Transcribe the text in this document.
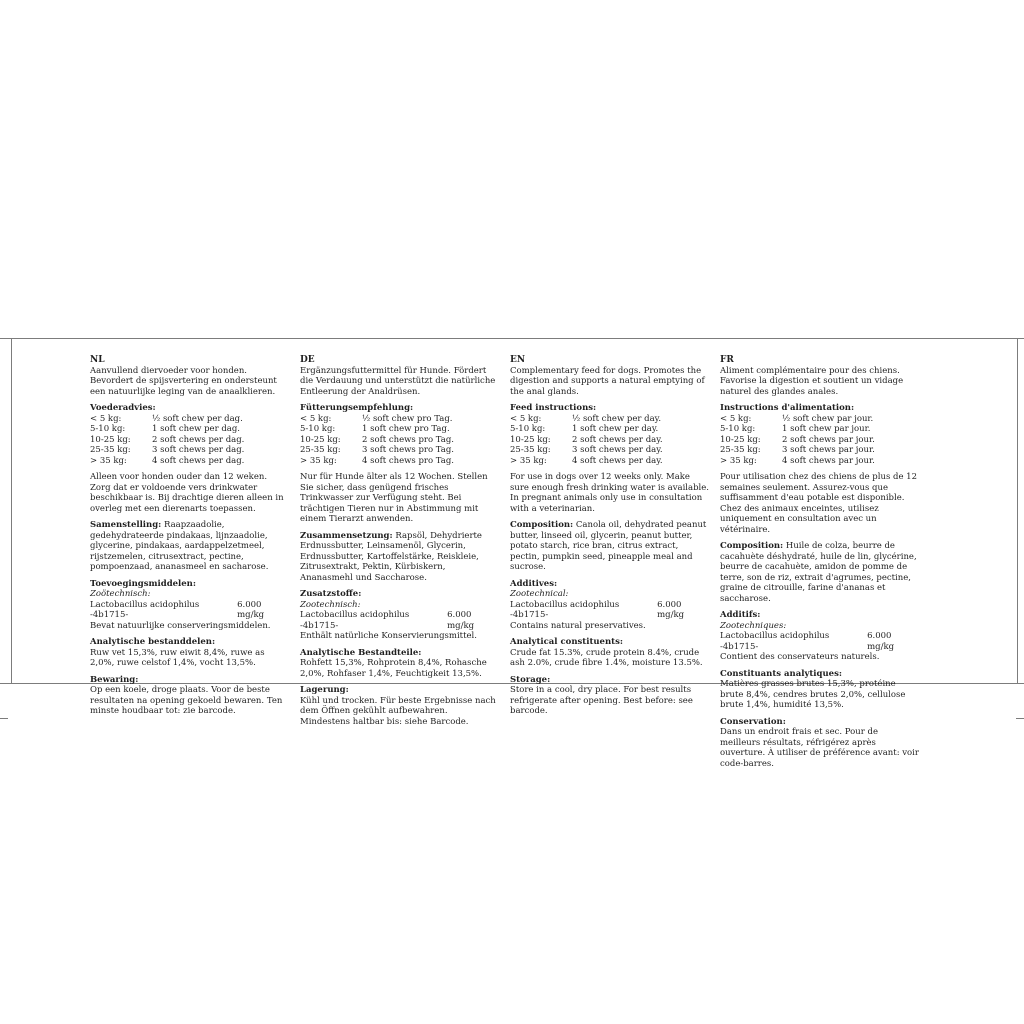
NL

Aanvullend diervoeder voor honden. Bevordert de spijsvertering en ondersteunt een natuurlijke leging van de anaalklieren.

Voederadvies:
< 5 kg:	½ soft chew per dag.
5-10 kg:	1 soft chew per dag.
10-25 kg:	2 soft chews per dag.
25-35 kg:	3 soft chews per dag.
> 35 kg:	4 soft chews per dag.

Alleen voor honden ouder dan 12 weken. Zorg dat er voldoende vers drinkwater beschikbaar is. Bij drachtige dieren alleen in overleg met een dierenarts toepassen.

Samenstelling: Raapzaadolie, gedehydrateerde pindakaas, lijnzaadolie, glycerine, pindakaas, aardappelzetmeel, rijstzemelen, citrusextract, pectine, pompoenzaad, ananasmeel en sacharose.

Toevoegingsmiddelen:
Zoötechnisch:
Lactobacillus acidophilus -4b1715-
6.000 mg/kg
Bevat natuurlijke conserveringsmiddelen.
Analytische bestanddelen:

Ruw vet 15,3%, ruw eiwit 8,4%, ruwe as 2,0%, ruwe celstof 1,4%, vocht 13,5%.

Bewaring:

Op een koele, droge plaats. Voor de beste resultaten na opening gekoeld bewaren. Ten minste houdbaar tot: zie barcode.

DE

Ergänzungsfuttermittel für Hunde. Fördert die Verdauung und unterstützt die natürliche Entleerung der Analdrüsen.

Fütterungsempfehlung:
< 5 kg:	½ soft chew pro Tag.
5-10 kg:	1 soft chew pro Tag.
10-25 kg:	2 soft chews pro Tag.
25-35 kg:	3 soft chews pro Tag.
> 35 kg:	4 soft chews pro Tag.

Nur für Hunde älter als 12 Wochen. Stellen Sie sicher, dass genügend frisches Trinkwasser zur Verfügung steht. Bei trächtigen Tieren nur in Abstimmung mit einem Tierarzt anwenden.

Zusammensetzung: Rapsöl, Dehydrierte Erdnussbutter, Leinsamenöl, Glycerin, Erdnussbutter, Kartoffelstärke, Reiskleie, Zitrusextrakt, Pektin, Kürbiskern, Ananasmehl und Saccharose.

Zusatzstoffe:
Zootechnisch:
Lactobacillus acidophilus -4b1715-
6.000 mg/kg
Enthält natürliche Konservierungsmittel.
Analytische Bestandteile:

Rohfett 15,3%, Rohprotein 8,4%, Rohasche 2,0%, Rohfaser 1,4%, Feuchtigkeit 13,5%.

Lagerung:

Kühl und trocken. Für beste Ergebnisse nach dem Öffnen gekühlt aufbewahren. Mindestens haltbar bis: siehe Barcode.

EN

Complementary feed for dogs. Promotes the digestion and supports a natural emptying of the anal glands.

Feed instructions:
< 5 kg:	½ soft chew per day.
5-10 kg:	1 soft chew per day.
10-25 kg:	2 soft chews per day.
25-35 kg:	3 soft chews per day.
> 35 kg:	4 soft chews per day.

For use in dogs over 12 weeks only. Make sure enough fresh drinking water is available. In pregnant animals only use in consultation with a veterinarian.

Composition: Canola oil, dehydrated peanut butter, linseed oil, glycerin, peanut butter, potato starch, rice bran, citrus extract, pectin, pumpkin seed, pineapple meal and sucrose.

Additives:
Zootechnical:
Lactobacillus acidophilus -4b1715-
6.000 mg/kg
Contains natural preservatives.
Analytical constituents:

Crude fat 15.3%, crude protein 8.4%, crude ash 2.0%, crude fibre 1.4%, moisture 13.5%.

Storage:

Store in a cool, dry place. For best results refrigerate after opening. Best before: see barcode.

FR

Aliment complémentaire pour des chiens. Favorise la digestion et soutient un vidage naturel des glandes anales.

Instructions d'alimentation:
< 5 kg:	½ soft chew par jour.
5-10 kg:	1 soft chew par jour.
10-25 kg:	2 soft chews par jour.
25-35 kg:	3 soft chews par jour.
> 35 kg:	4 soft chews par jour.

Pour utilisation chez des chiens de plus de 12 semaines seulement. Assurez-vous que suffisamment d'eau potable est disponible. Chez des animaux enceintes, utilisez uniquement en consultation avec un vétérinaire.

Composition: Huile de colza, beurre de cacahuète déshydraté, huile de lin, glycérine, beurre de cacahuète, amidon de pomme de terre, son de riz, extrait d'agrumes, pectine, graine de citrouille, farine d'ananas et saccharose.

Additifs:
Zootechniques:
Lactobacillus acidophilus -4b1715-
6.000 mg/kg
Contient des conservateurs naturels.
Constituants analytiques:

Matières grasses brutes 15,3%, protéine brute 8,4%, cendres brutes 2,0%, cellulose brute 1,4%, humidité 13,5%.

Conservation:

Dans un endroit frais et sec. Pour de meilleurs résultats, réfrigérez après ouverture. À utiliser de préférence avant: voir code-barres.
